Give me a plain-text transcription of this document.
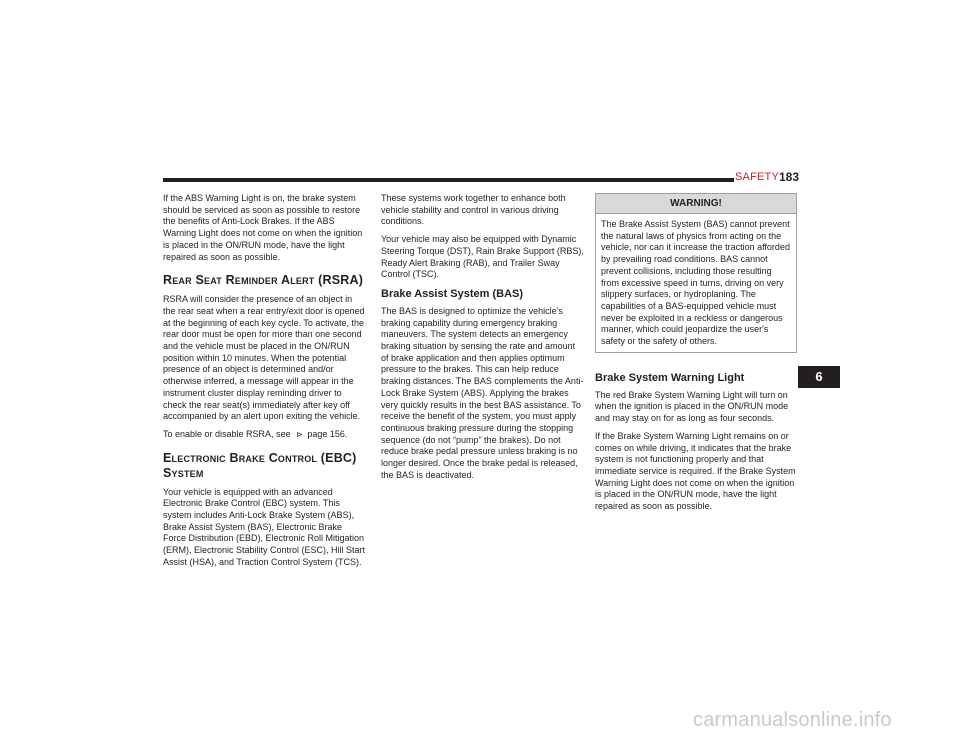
SAFETY 183

If the ABS Warning Light is on, the brake system should be serviced as soon as possible to restore the benefits of Anti-Lock Brakes. If the ABS Warning Light does not come on when the ignition is placed in the ON/RUN mode, have the light repaired as soon as possible.

Rear Seat Reminder Alert (RSRA)

RSRA will consider the presence of an object in the rear seat when a rear entry/exit door is opened at the beginning of each key cycle. To activate, the rear door must be open for more than one second and the vehicle must be placed in the ON/RUN position within 10 minutes. When the potential presence of an object is determined and/or otherwise inferred, a message will appear in the instrument cluster display reminding driver to check the rear seat(s) immediately after key off accompanied by an alert upon exiting the vehicle.

To enable or disable RSRA, see ⊳ page 156.

Electronic Brake Control (EBC)
System

Your vehicle is equipped with an advanced Electronic Brake Control (EBC) system. This system includes Anti-Lock Brake System (ABS), Brake Assist System (BAS), Electronic Brake Force Distribution (EBD), Electronic Roll Mitigation (ERM), Electronic Stability Control (ESC), Hill Start Assist (HSA), and Traction Control System (TCS).

These systems work together to enhance both vehicle stability and control in various driving conditions.

Your vehicle may also be equipped with Dynamic Steering Torque (DST), Rain Brake Support (RBS), Ready Alert Braking (RAB), and Trailer Sway Control (TSC).

Brake Assist System (BAS)

The BAS is designed to optimize the vehicle’s braking capability during emergency braking maneuvers. The system detects an emergency braking situation by sensing the rate and amount of brake application and then applies optimum pressure to the brakes. This can help reduce braking distances. The BAS complements the Anti-Lock Brake System (ABS). Applying the brakes very quickly results in the best BAS assistance. To receive the benefit of the system, you must apply continuous braking pressure during the stopping sequence (do not “pump” the brakes). Do not reduce brake pedal pressure unless braking is no longer desired. Once the brake pedal is released, the BAS is deactivated.

WARNING!

The Brake Assist System (BAS) cannot prevent the natural laws of physics from acting on the vehicle, nor can it increase the traction afforded by prevailing road conditions. BAS cannot prevent collisions, including those resulting from excessive speed in turns, driving on very slippery surfaces, or hydroplaning. The capabilities of a BAS-equipped vehicle must never be exploited in a reckless or dangerous manner, which could jeopardize the user's safety or the safety of others.

Brake System Warning Light

The red Brake System Warning Light will turn on when the ignition is placed in the ON/RUN mode and may stay on for as long as four seconds.

If the Brake System Warning Light remains on or comes on while driving, it indicates that the brake system is not functioning properly and that immediate service is required. If the Brake System Warning Light does not come on when the ignition is placed in the ON/RUN mode, have the light repaired as soon as possible.

6
carmanualsonline.info
